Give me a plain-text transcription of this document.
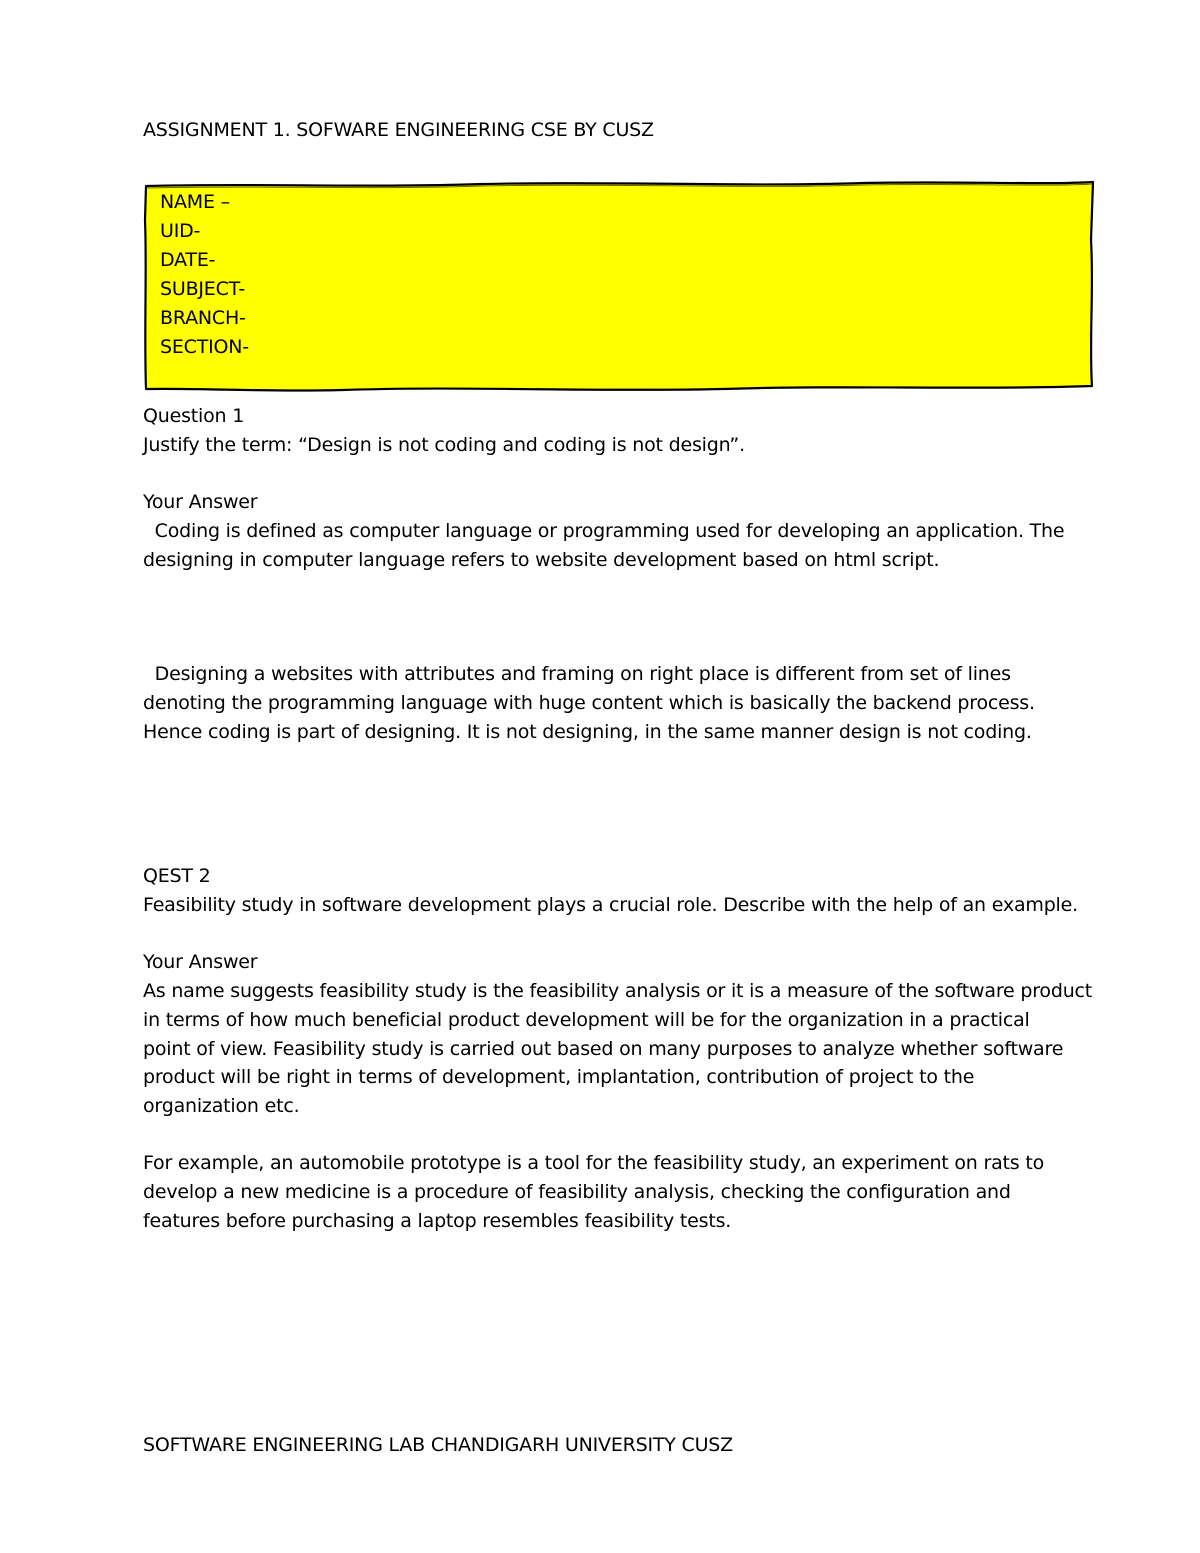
ASSIGNMENT 1. SOFWARE ENGINEERING CSE BY CUSZ
NAME –
UID-
DATE-
SUBJECT-
BRANCH-
SECTION-
Question 1
Justify the term: “Design is not coding and coding is not design”.
Your Answer
Coding is defined as computer language or programming used for developing an application. The
designing in computer language refers to website development based on html script.
Designing a websites with attributes and framing on right place is different from set of lines
denoting the programming language with huge content which is basically the backend process.
Hence coding is part of designing. It is not designing, in the same manner design is not coding.
QEST 2
Feasibility study in software development plays a crucial role. Describe with the help of an example.
Your Answer
As name suggests feasibility study is the feasibility analysis or it is a measure of the software product
in terms of how much beneficial product development will be for the organization in a practical
point of view. Feasibility study is carried out based on many purposes to analyze whether software
product will be right in terms of development, implantation, contribution of project to the
organization etc.
For example, an automobile prototype is a tool for the feasibility study, an experiment on rats to
develop a new medicine is a procedure of feasibility analysis, checking the configuration and
features before purchasing a laptop resembles feasibility tests.
SOFTWARE ENGINEERING LAB CHANDIGARH UNIVERSITY CUSZ
